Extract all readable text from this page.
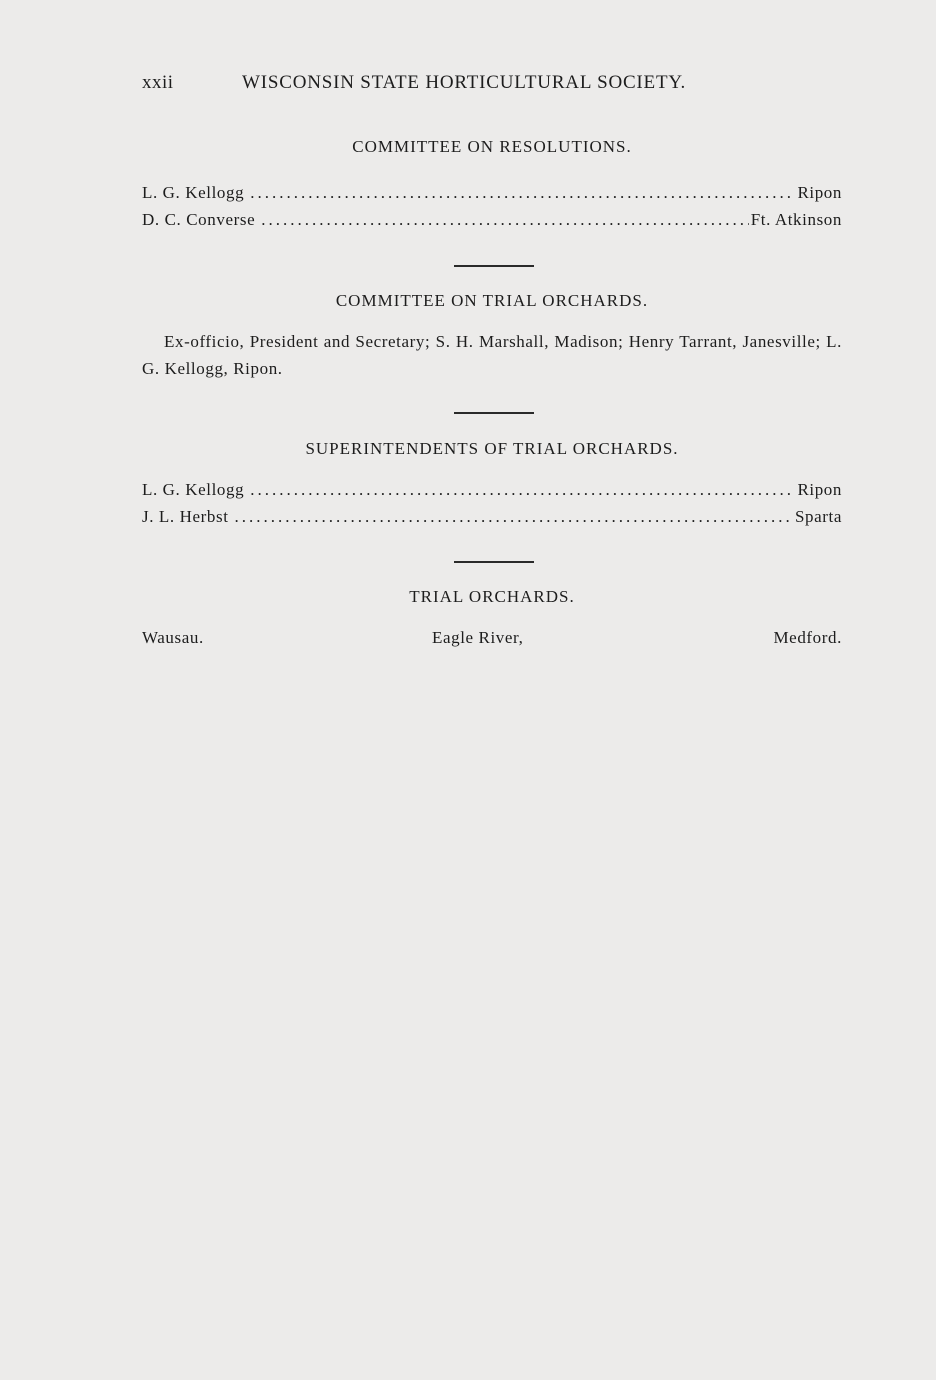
xxii	WISCONSIN STATE HORTICULTURAL SOCIETY.
COMMITTEE ON RESOLUTIONS.
L. G. Kellogg .....	Ripon
D. C. Converse .....	Ft. Atkinson
COMMITTEE ON TRIAL ORCHARDS.
Ex-officio, President and Secretary; S. H. Marshall, Madison; Henry Tarrant, Janesville; L. G. Kellogg, Ripon.
SUPERINTENDENTS OF TRIAL ORCHARDS.
L. G. Kellogg .....	Ripon
J. L. Herbst .....	Sparta
TRIAL ORCHARDS.
Wausau.	Eagle River,	Medford.
